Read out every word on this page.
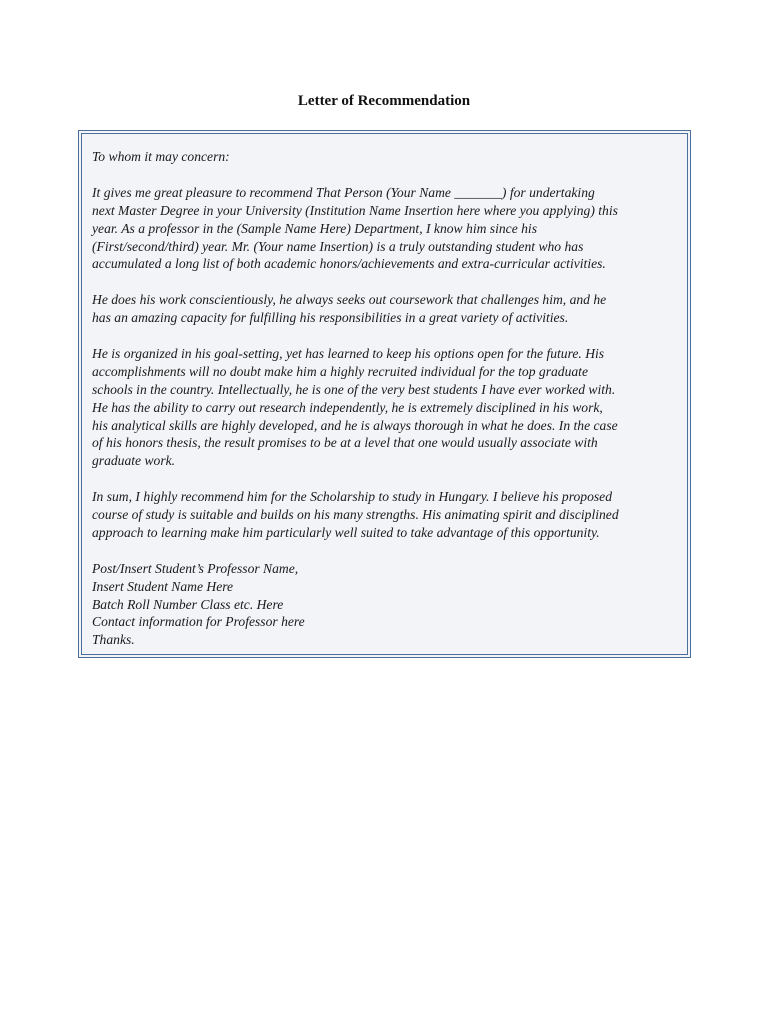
Letter of Recommendation

To whom it may concern:

It gives me great pleasure to recommend That Person (Your Name _______) for undertaking
next Master Degree in your University (Institution Name Insertion here where you applying) this
year. As a professor in the (Sample Name Here) Department, I know him since his
(First/second/third) year. Mr. (Your name Insertion) is a truly outstanding student who has
accumulated a long list of both academic honors/achievements and extra-curricular activities.

He does his work conscientiously, he always seeks out coursework that challenges him, and he
has an amazing capacity for fulfilling his responsibilities in a great variety of activities.

He is organized in his goal-setting, yet has learned to keep his options open for the future. His
accomplishments will no doubt make him a highly recruited individual for the top graduate
schools in the country. Intellectually, he is one of the very best students I have ever worked with.
He has the ability to carry out research independently, he is extremely disciplined in his work,
his analytical skills are highly developed, and he is always thorough in what he does. In the case
of his honors thesis, the result promises to be at a level that one would usually associate with
graduate work.

In sum, I highly recommend him for the Scholarship to study in Hungary. I believe his proposed
course of study is suitable and builds on his many strengths. His animating spirit and disciplined
approach to learning make him particularly well suited to take advantage of this opportunity.

Post/Insert Student’s Professor Name,
Insert Student Name Here
Batch Roll Number Class etc. Here
Contact information for Professor here
Thanks.
